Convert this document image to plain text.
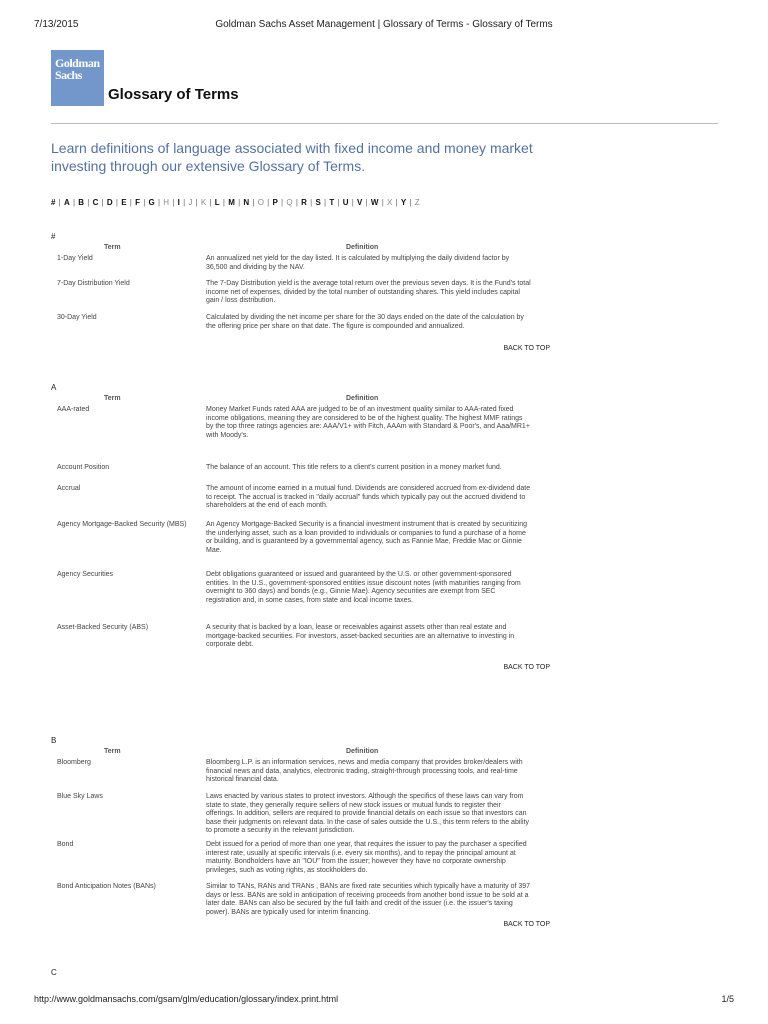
7/13/2015	Goldman Sachs Asset Management | Glossary of Terms - Glossary of Terms
Goldman
Sachs
Glossary of Terms
Learn definitions of language associated with fixed income and money market investing through our extensive Glossary of Terms.
# | A | B | C | D | E | F | G | H | I | J | K | L | M | N | O | P | Q | R | S | T | U | V | W | X | Y | Z
#
Term	Definition
1-Day Yield	An annualized net yield for the day listed. It is calculated by multiplying the daily dividend factor by 36,500 and dividing by the NAV.
7-Day Distribution Yield	The 7-Day Distribution yield is the average total return over the previous seven days. It is the Fund's total income net of expenses, divided by the total number of outstanding shares. This yield includes capital gain / loss distribution.
30-Day Yield	Calculated by dividing the net income per share for the 30 days ended on the date of the calculation by the offering price per share on that date. The figure is compounded and annualized.
BACK TO TOP
A
Term	Definition
AAA-rated	Money Market Funds rated AAA are judged to be of an investment quality similar to AAA-rated fixed income obligations, meaning they are considered to be of the highest quality. The highest MMF ratings by the top three ratings agencies are: AAA/V1+ with Fitch, AAAm with Standard & Poor's, and Aaa/MR1+ with Moody's.
Account Position	The balance of an account. This title refers to a client's current position in a money market fund.
Accrual	The amount of income earned in a mutual fund. Dividends are considered accrued from ex-dividend date to receipt. The accrual is tracked in "daily accrual" funds which typically pay out the accrued dividend to shareholders at the end of each month.
Agency Mortgage-Backed Security (MBS)	An Agency Mortgage-Backed Security is a financial investment instrument that is created by securitizing the underlying asset, such as a loan provided to individuals or companies to fund a purchase of a home or building, and is guaranteed by a governmental agency, such as Fannie Mae, Freddie Mac or Ginnie Mae.
Agency Securities	Debt obligations guaranteed or issued and guaranteed by the U.S. or other government-sponsored entities. In the U.S., government-sponsored entities issue discount notes (with maturities ranging from overnight to 360 days) and bonds (e.g., Ginnie Mae). Agency securities are exempt from SEC registration and, in some cases, from state and local income taxes.
Asset-Backed Security (ABS)	A security that is backed by a loan, lease or receivables against assets other than real estate and mortgage-backed securities. For investors, asset-backed securities are an alternative to investing in corporate debt.
BACK TO TOP
B
Term	Definition
Bloomberg	Bloomberg L.P. is an information services, news and media company that provides broker/dealers with financial news and data, analytics, electronic trading, straight-through processing tools, and real-time historical financial data.
Blue Sky Laws	Laws enacted by various states to protect investors. Although the specifics of these laws can vary from state to state, they generally require sellers of new stock issues or mutual funds to register their offerings. In addition, sellers are required to provide financial details on each issue so that investors can base their judgments on relevant data. In the case of sales outside the U.S., this term refers to the ability to promote a security in the relevant jurisdiction.
Bond	Debt issued for a period of more than one year, that requires the issuer to pay the purchaser a specified interest rate, usually at specific intervals (i.e. every six months), and to repay the principal amount at maturity. Bondholders have an "IOU" from the issuer; however they have no corporate ownership privileges, such as voting rights, as stockholders do.
Bond Anticipation Notes (BANs)	Similar to TANs, RANs and TRANs , BANs are fixed rate securities which typically have a maturity of 397 days or less. BANs are sold in anticipation of receiving proceeds from another bond issue to be sold at a later date. BANs can also be secured by the full faith and credit of the issuer (i.e. the issuer's taxing power). BANs are typically used for interim financing.
BACK TO TOP
C
http://www.goldmansachs.com/gsam/glm/education/glossary/index.print.html	1/5
